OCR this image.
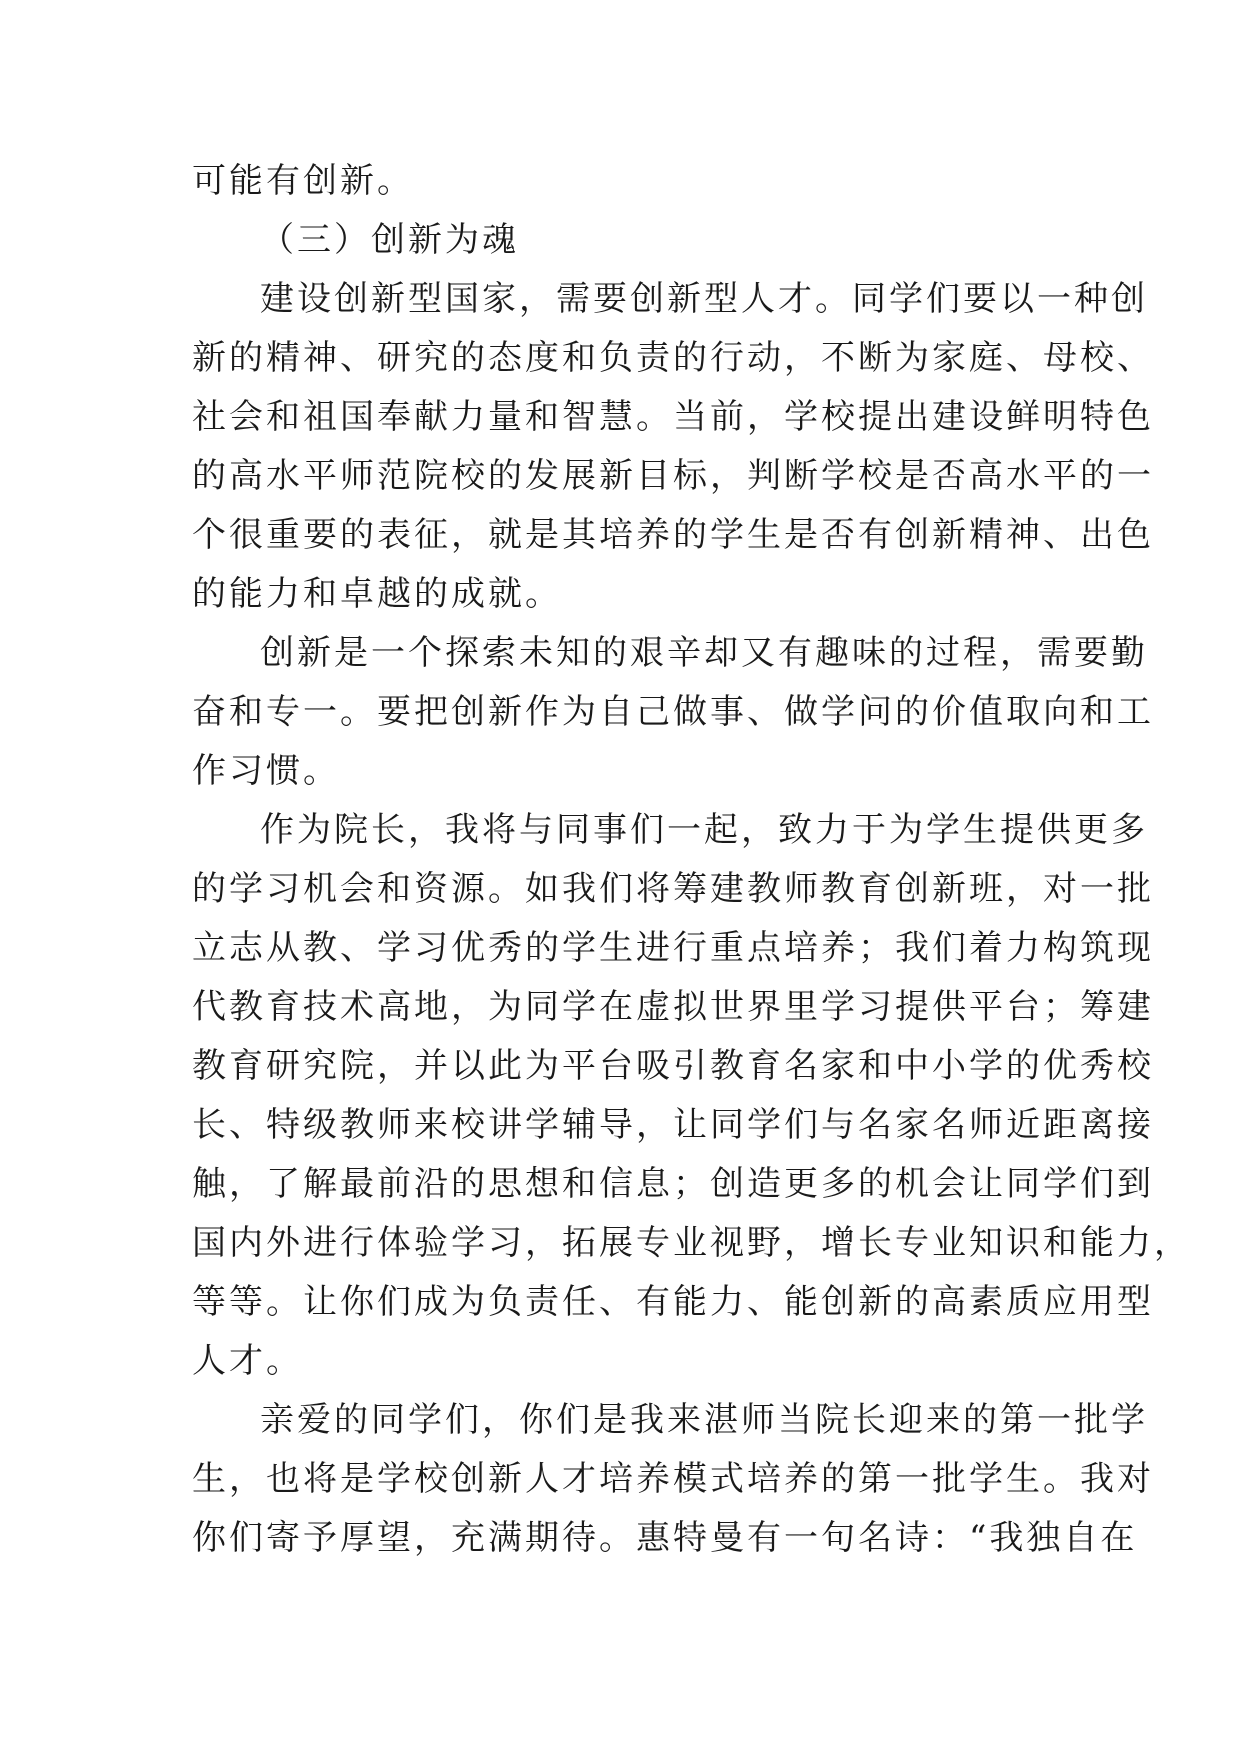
可能有创新。
（三）创新为魂
建设创新型国家，需要创新型人才。同学们要以一种创
新的精神、研究的态度和负责的行动，不断为家庭、母校、
社会和祖国奉献力量和智慧。当前，学校提出建设鲜明特色
的高水平师范院校的发展新目标，判断学校是否高水平的一
个很重要的表征，就是其培养的学生是否有创新精神、出色
的能力和卓越的成就。
创新是一个探索未知的艰辛却又有趣味的过程，需要勤
奋和专一。要把创新作为自己做事、做学问的价值取向和工
作习惯。
作为院长，我将与同事们一起，致力于为学生提供更多
的学习机会和资源。如我们将筹建教师教育创新班，对一批
立志从教、学习优秀的学生进行重点培养；我们着力构筑现
代教育技术高地，为同学在虚拟世界里学习提供平台；筹建
教育研究院，并以此为平台吸引教育名家和中小学的优秀校
长、特级教师来校讲学辅导，让同学们与名家名师近距离接
触，了解最前沿的思想和信息；创造更多的机会让同学们到
国内外进行体验学习，拓展专业视野，增长专业知识和能力，
等等。让你们成为负责任、有能力、能创新的高素质应用型
人才。
亲爱的同学们，你们是我来湛师当院长迎来的第一批学
生，也将是学校创新人才培养模式培养的第一批学生。我对
你们寄予厚望，充满期待。惠特曼有一句名诗：“我独自在
